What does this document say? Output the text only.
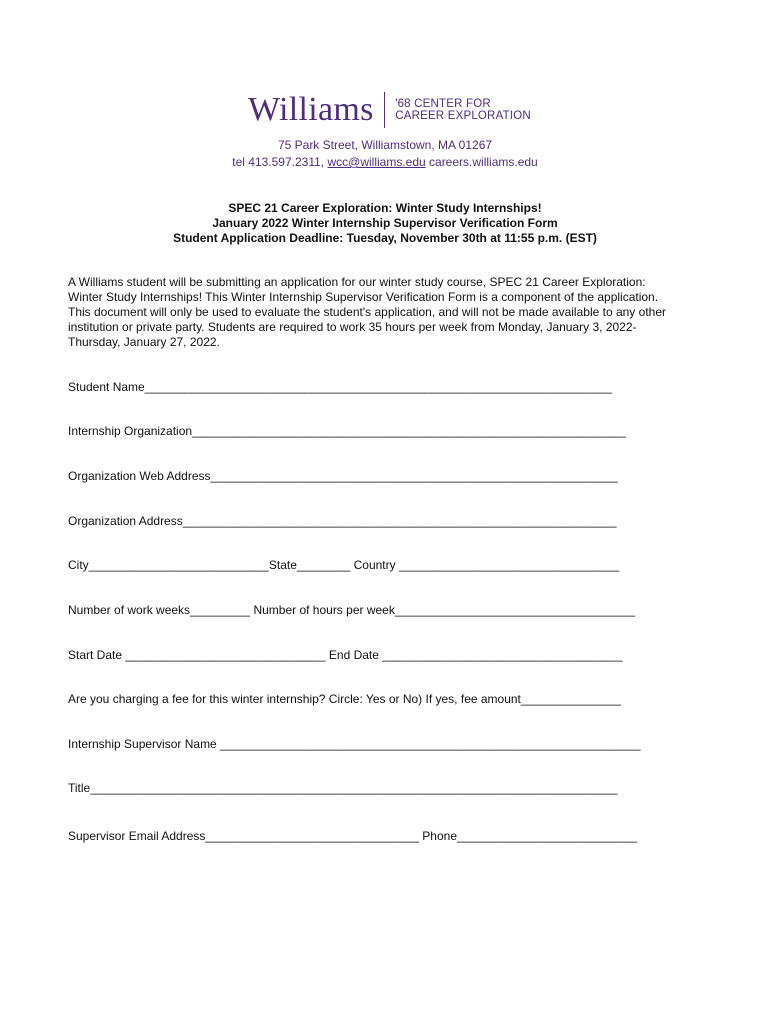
Williams '68 CENTER FOR
CAREER EXPLORATION
75 Park Street, Williamstown, MA 01267
tel 413.597.2311, wcc@williams.edu careers.williams.edu
SPEC 21 Career Exploration: Winter Study Internships!
January 2022 Winter Internship Supervisor Verification Form
Student Application Deadline: Tuesday, November 30th at 11:55 p.m. (EST)
A Williams student will be submitting an application for our winter study course, SPEC 21 Career Exploration:
Winter Study Internships! This Winter Internship Supervisor Verification Form is a component of the application.
This document will only be used to evaluate the student's application, and will not be made available to any other
institution or private party. Students are required to work 35 hours per week from Monday, January 3, 2022-
Thursday, January 27, 2022.
Student Name______________________________________________________________________
Internship Organization_________________________________________________________________
Organization Web Address_____________________________________________________________
Organization Address_________________________________________________________________
City___________________________State________ Country _________________________________
Number of work weeks_________ Number of hours per week____________________________________
Start Date ______________________________ End Date ____________________________________
Are you charging a fee for this winter internship? Circle: Yes or No) If yes, fee amount_______________
Internship Supervisor Name _______________________________________________________________
Title_______________________________________________________________________________
Supervisor Email Address________________________________ Phone___________________________
